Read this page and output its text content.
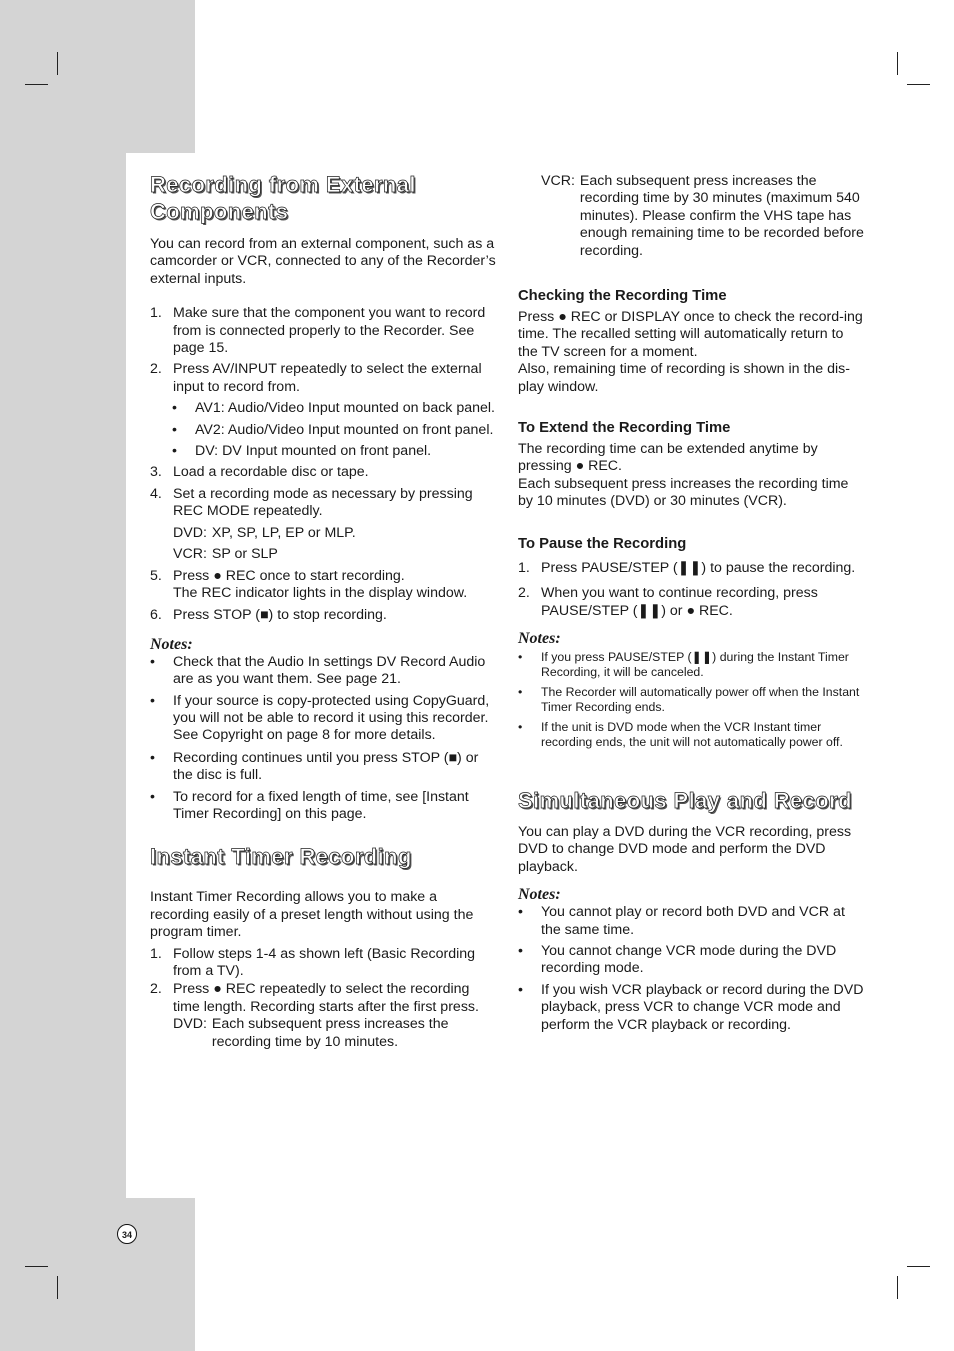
Recording from External Components

You can record from an external component, such as a camcorder or VCR, connected to any of the Recorder’s external inputs.

1. Make sure that the component you want to record from is connected properly to the Recorder. See page 15.
2. Press AV/INPUT repeatedly to select the external input to record from.
• AV1: Audio/Video Input mounted on back panel.
• AV2: Audio/Video Input mounted on front panel.
• DV: DV Input mounted on front panel.
3. Load a recordable disc or tape.
4. Set a recording mode as necessary by pressing REC MODE repeatedly.
DVD: XP, SP, LP, EP or MLP.
VCR: SP or SLP
5. Press ● REC once to start recording.
The REC indicator lights in the display window.
6. Press STOP (■) to stop recording.
Notes:
• Check that the Audio In settings DV Record Audio are as you want them. See page 21.
• If your source is copy-protected using CopyGuard, you will not be able to record it using this recorder. See Copyright on page 8 for more details.
• Recording continues until you press STOP (■) or the disc is full.
• To record for a fixed length of time, see [Instant Timer Recording] on this page.
Instant Timer Recording

Instant Timer Recording allows you to make a recording easily of a preset length without using the program timer.

1. Follow steps 1-4 as shown left (Basic Recording from a TV).
2. Press ● REC repeatedly to select the recording time length. Recording starts after the first press.
DVD: Each subsequent press increases the recording time by 10 minutes.
VCR: Each subsequent press increases the recording time by 30 minutes (maximum 540 minutes). Please confirm the VHS tape has enough remaining time to be recorded before recording.
Checking the Recording Time

Press ● REC or DISPLAY once to check the record-ing time. The recalled setting will automatically return to the TV screen for a moment.

Also, remaining time of recording is shown in the dis-play window.

To Extend the Recording Time

The recording time can be extended anytime by pressing ● REC.

Each subsequent press increases the recording time by 10 minutes (DVD) or 30 minutes (VCR).

To Pause the Recording
1. Press PAUSE/STEP (❚❚) to pause the recording.
2. When you want to continue recording, press PAUSE/STEP (❚❚) or ● REC.
Notes:
• If you press PAUSE/STEP (❚❚) during the Instant Timer Recording, it will be canceled.
• The Recorder will automatically power off when the Instant Timer Recording ends.
• If the unit is DVD mode when the VCR Instant timer recording ends, the unit will not automatically power off.
Simultaneous Play and Record

You can play a DVD during the VCR recording, press DVD to change DVD mode and perform the DVD playback.

Notes:
• You cannot play or record both DVD and VCR at the same time.
• You cannot change VCR mode during the DVD recording mode.
• If you wish VCR playback or record during the DVD playback, press VCR to change VCR mode and perform the VCR playback or recording.
34
